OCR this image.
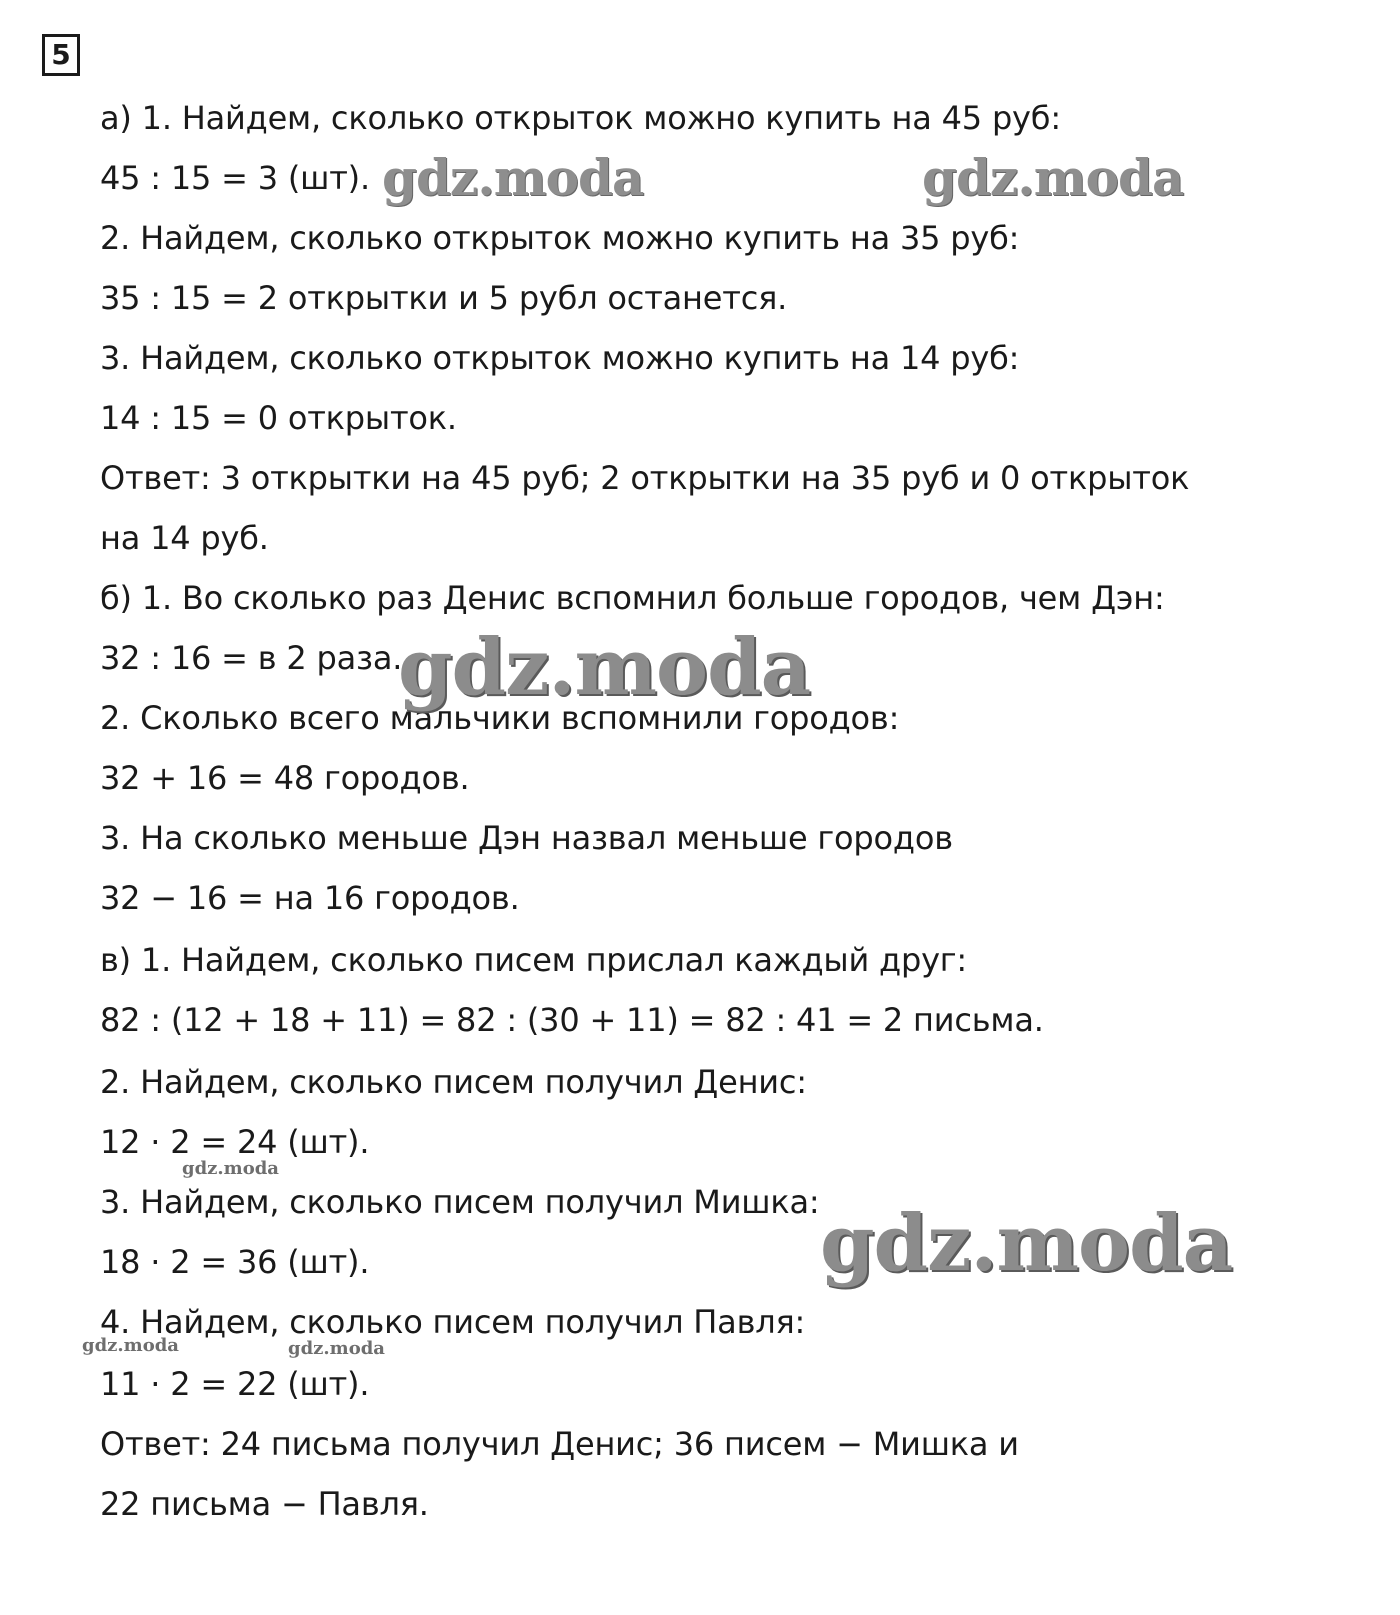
5
а) 1. Найдем, сколько открыток можно купить на 45 руб:
45 : 15 = 3 (шт).
2. Найдем, сколько открыток можно купить на 35 руб:
35 : 15 = 2 открытки и 5 рубл останется.
3. Найдем, сколько открыток можно купить на 14 руб:
14 : 15 = 0 открыток.
Ответ: 3 открытки на 45 руб; 2 открытки на 35 руб и 0 открыток
на 14 руб.
б) 1. Во сколько раз Денис вспомнил больше городов, чем Дэн:
32 : 16 = в 2 раза.
2. Сколько всего мальчики вспомнили городов:
32 + 16 = 48 городов.
3. На сколько меньше Дэн назвал меньше городов
32 − 16 = на 16 городов.
в) 1. Найдем, сколько писем прислал каждый друг:
82 : (12 + 18 + 11) = 82 : (30 + 11) = 82 : 41 = 2 письма.
2. Найдем, сколько писем получил Денис:
12 · 2 = 24 (шт).
3. Найдем, сколько писем получил Мишка:
18 · 2 = 36 (шт).
4. Найдем, сколько писем получил Павля:
11 · 2 = 22 (шт).
Ответ: 24 письма получил Денис; 36 писем − Мишка и
22 письма − Павля.
gdz.moda	gdz.moda
gdz.moda
gdz.moda
gdz.moda
gdz.moda	gdz.moda
